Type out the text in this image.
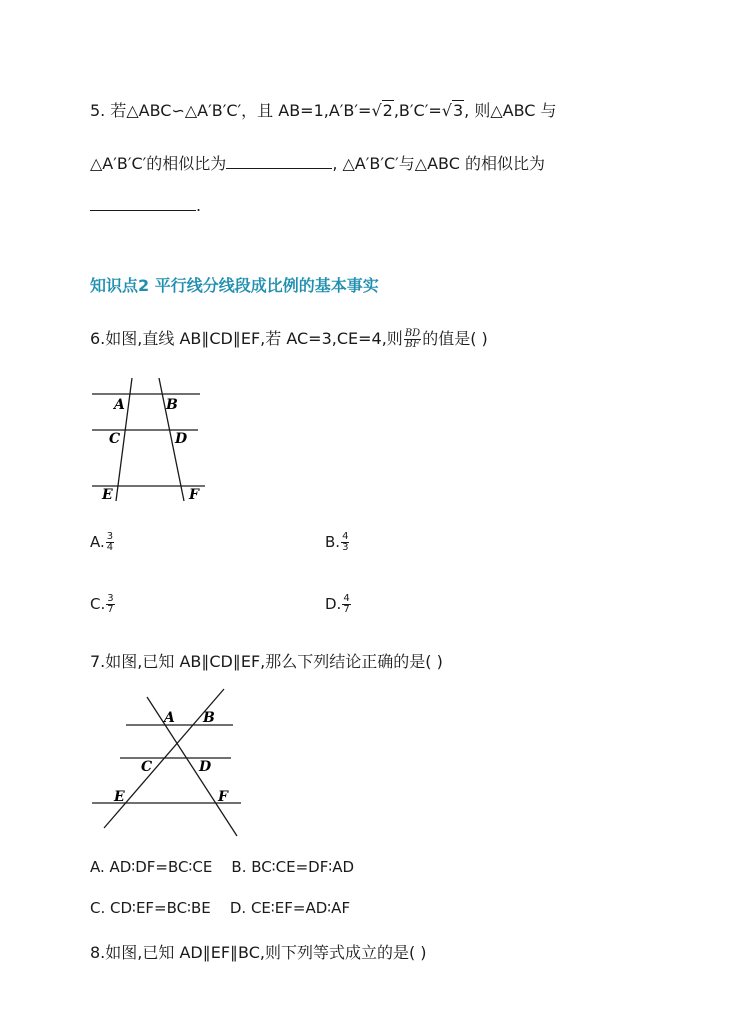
5. 若△ABC∽△A′B′C′，且 AB=1,A′B′=√2,B′C′=√3, 则△ABC 与
△A′B′C′的相似比为	, △A′B′C′与△ABC 的相似比为
.
知识点2 平行线分线段成比例的基本事实
6.如图,直线 AB∥CD∥EF,若 AC=3,CE=4,则 $\frac{BD}{BF}$ 的值是( )
A	B
C	D
E	F
A. $\frac{3}{4}$	B. $\frac{4}{3}$
C. $\frac{3}{7}$	D. $\frac{4}{7}$
7.如图,已知 AB∥CD∥EF,那么下列结论正确的是( )
A B
C	D
E	F
A. AD∶DF=BC∶CE    B. BC∶CE=DF∶AD
C. CD∶EF=BC∶BE    D. CE∶EF=AD∶AF
8.如图,已知 AD∥EF∥BC,则下列等式成立的是( )
